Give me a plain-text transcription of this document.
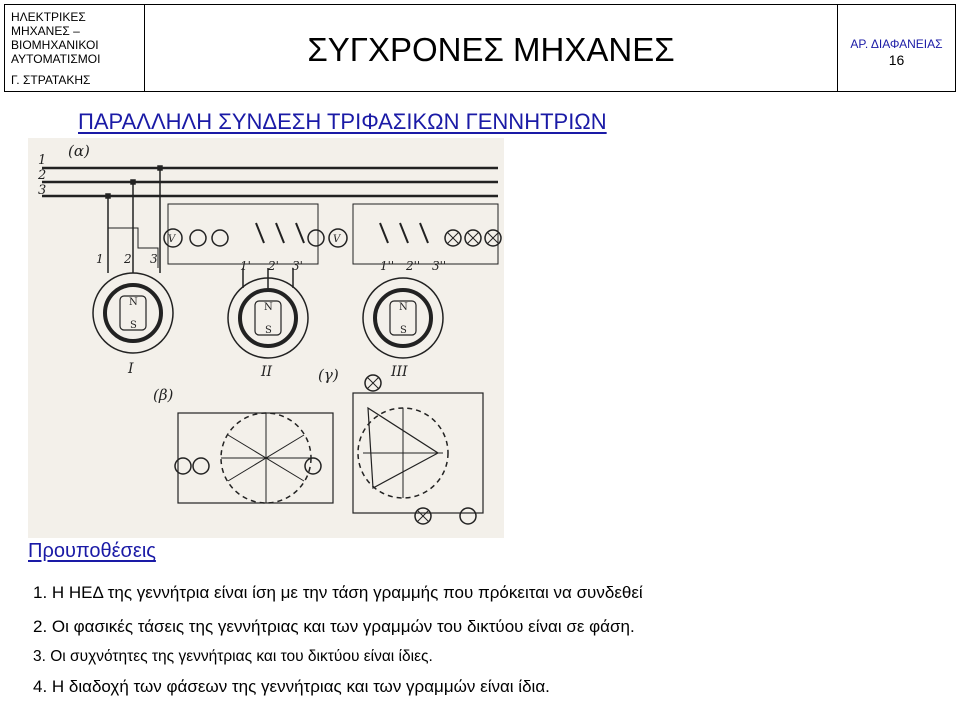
ΗΛΕΚΤΡΙΚΕΣ
ΜΗΧΑΝΕΣ –
ΒΙΟΜΗΧΑΝΙΚΟΙ
ΑΥΤΟΜΑΤΙΣΜΟΙ
Γ. ΣΤΡΑΤΑΚΗΣ
ΣΥΓΧΡΟΝΕΣ ΜΗΧΑΝΕΣ	ΑΡ. ΔΙΑΦΑΝΕΙΑΣ
16
ΠΑΡΑΛΛΗΛΗ ΣΥΝΔΕΣΗ ΤΡΙΦΑΣΙΚΩΝ ΓΕΝΝΗΤΡΙΩΝ
(α)
(β)
(γ)
1
2
3
V
1 2 3
V
1' 2' 3'	1'' 2'' 3''
N
S
I
N
S
II
N
S
III
Προυποθέσεις
1. Η ΗΕΔ της γεννήτρια είναι ίση με την τάση γραμμής που πρόκειται να συνδεθεί
2. Οι φασικές τάσεις της γεννήτριας και των γραμμών του δικτύου είναι σε φάση.
3. Οι συχνότητες της γεννήτριας και του δικτύου είναι ίδιες.
4. Η διαδοχή των φάσεων της γεννήτριας και των γραμμών είναι ίδια.
